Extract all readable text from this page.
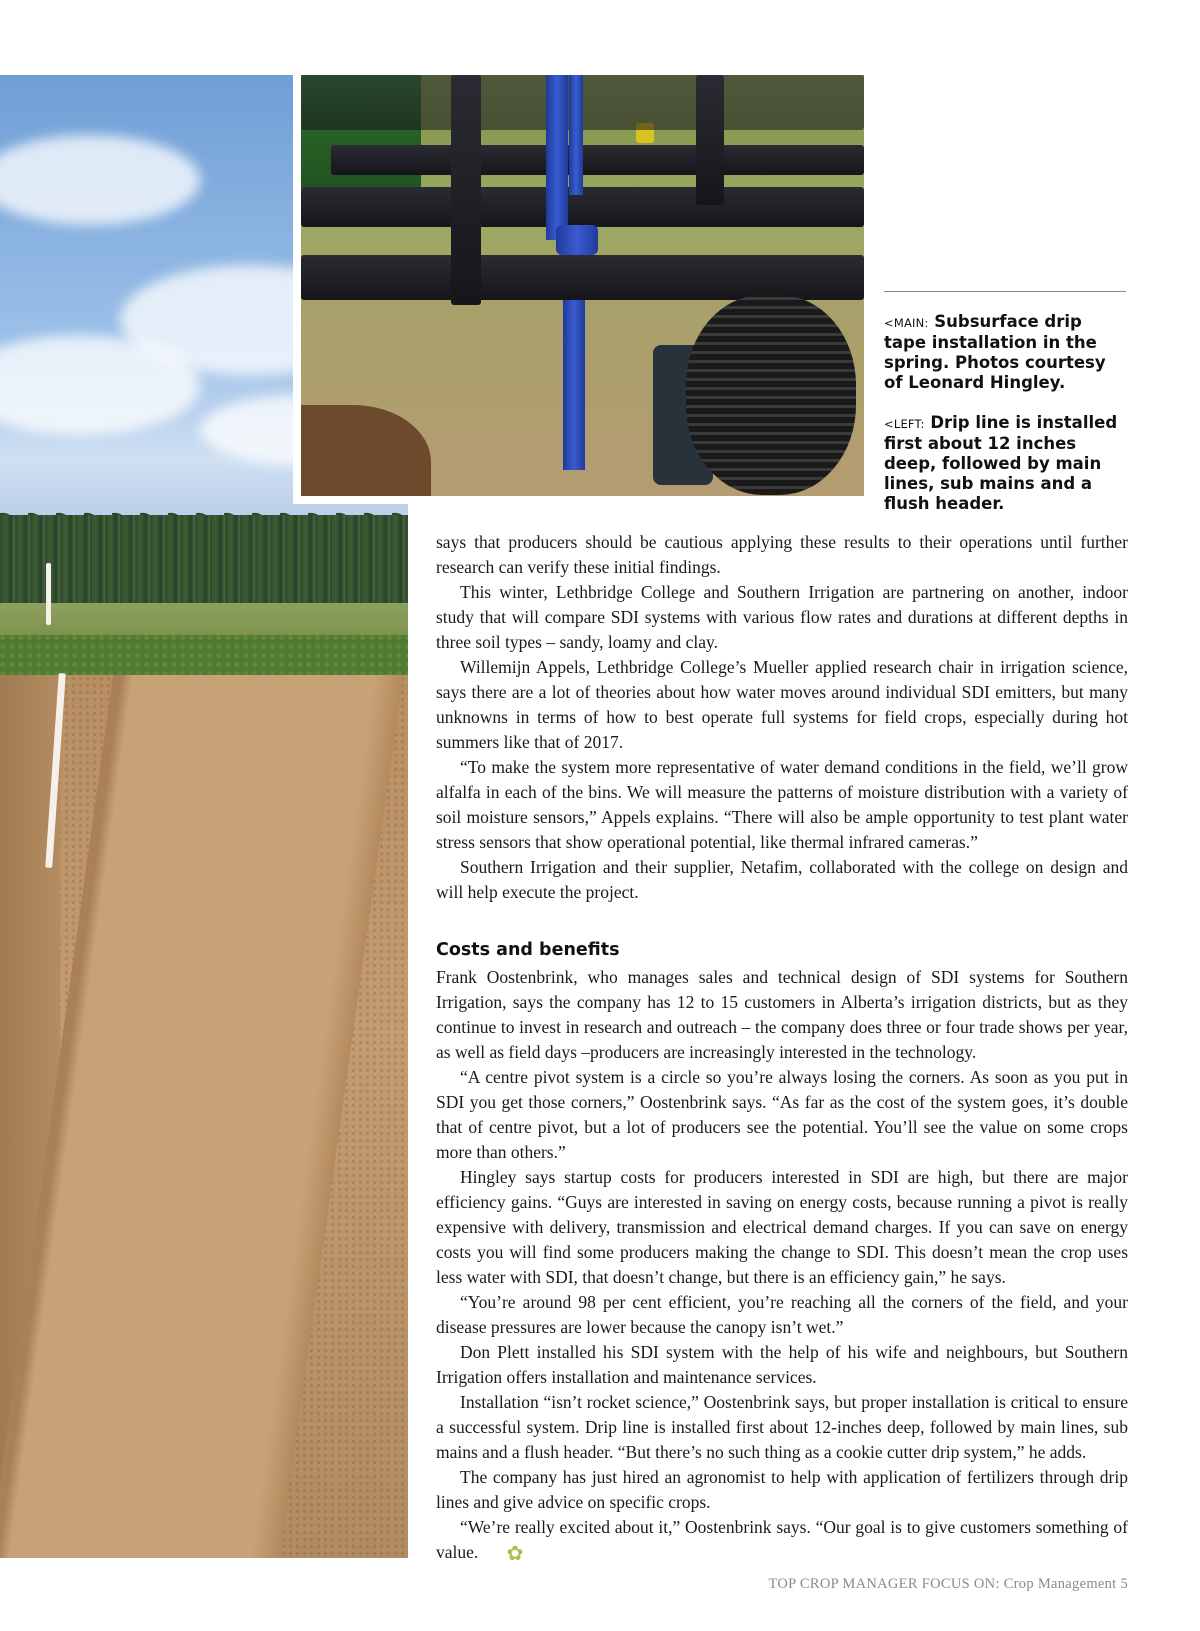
<MAIN: Subsurface drip tape installation in the spring. Photos courtesy of Leonard Hingley.

<LEFT: Drip line is installed first about 12 inches deep, followed by main lines, sub mains and a flush header.

says that producers should be cautious applying these results to their operations until further research can verify these initial findings.

This winter, Lethbridge College and Southern Irrigation are partnering on another, indoor study that will compare SDI systems with various flow rates and durations at different depths in three soil types – sandy, loamy and clay.

Willemijn Appels, Lethbridge College’s Mueller applied research chair in irrigation science, says there are a lot of theories about how water moves around individual SDI emitters, but many unknowns in terms of how to best operate full systems for field crops, especially during hot summers like that of 2017.

“To make the system more representative of water demand conditions in the field, we’ll grow alfalfa in each of the bins. We will measure the patterns of moisture distribution with a variety of soil moisture sensors,” Appels explains. “There will also be ample opportunity to test plant water stress sensors that show operational potential, like thermal infrared cameras.”

Southern Irrigation and their supplier, Netafim, collaborated with the college on design and will help execute the project.

Costs and benefits

Frank Oostenbrink, who manages sales and technical design of SDI systems for Southern Irrigation, says the company has 12 to 15 customers in Alberta’s irrigation districts, but as they continue to invest in research and outreach – the company does three or four trade shows per year, as well as field days –producers are increasingly interested in the technology.

“A centre pivot system is a circle so you’re always losing the corners. As soon as you put in SDI you get those corners,” Oostenbrink says. “As far as the cost of the system goes, it’s double that of centre pivot, but a lot of producers see the potential. You’ll see the value on some crops more than others.”

Hingley says startup costs for producers interested in SDI are high, but there are major efficiency gains. “Guys are interested in saving on energy costs, because running a pivot is really expensive with delivery, transmission and electrical demand charges. If you can save on energy costs you will find some producers making the change to SDI. This doesn’t mean the crop uses less water with SDI, that doesn’t change, but there is an efficiency gain,” he says.

“You’re around 98 per cent efficient, you’re reaching all the corners of the field, and your disease pressures are lower because the canopy isn’t wet.”

Don Plett installed his SDI system with the help of his wife and neighbours, but Southern Irrigation offers installation and maintenance services.

Installation “isn’t rocket science,” Oostenbrink says, but proper installation is critical to ensure a successful system. Drip line is installed first about 12-inches deep, followed by main lines, sub mains and a flush header. “But there’s no such thing as a cookie cutter drip system,” he adds.

The company has just hired an agronomist to help with application of fertilizers through drip lines and give advice on specific crops.

“We’re really excited about it,” Oostenbrink says. “Our goal is to give customers something of value. ✿

TOP CROP MANAGER FOCUS ON: Crop Management 5
